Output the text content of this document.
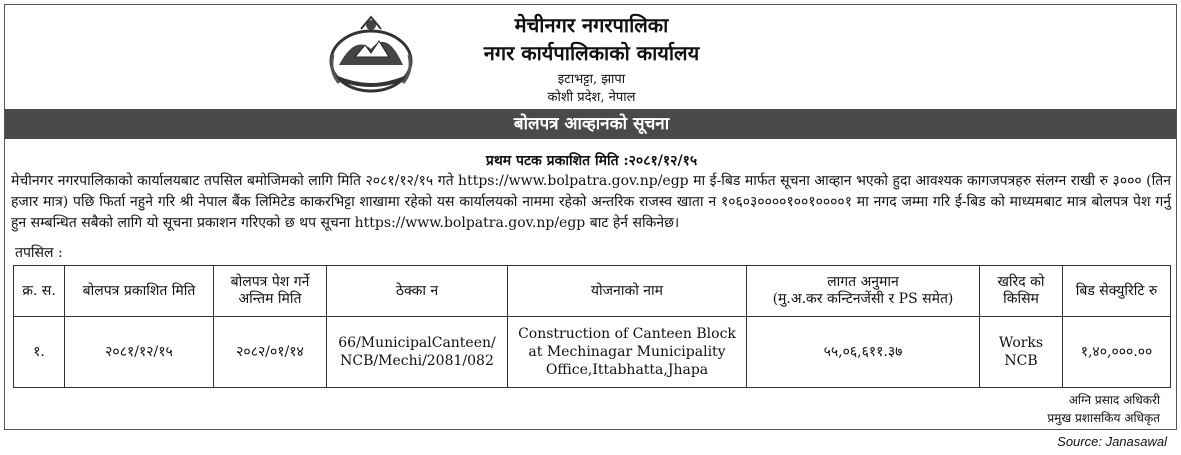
मेचीनगर नगरपालिका
नगर कार्यपालिकाको कार्यालय
इटाभट्टा, झापा
कोशी प्रदेश, नेपाल
बोलपत्र आव्हानको सूचना
प्रथम पटक प्रकाशित मिति :२०८१/१२/१५
मेचीनगर नगरपालिकाको कार्यालयबाट तपसिल बमोजिमको लागि मिति २०८१/१२/१५ गते https://www.bolpatra.gov.np/egp मा ई-बिड मार्फत सूचना आव्हान भएको हुदा आवश्यक कागजपत्रहरु संलग्न राखी रु ३००० (तिन हजार मात्र) पछि फिर्ता नहुने गरि श्री नेपाल बैंक लिमिटेड काकरभिट्टा शाखामा रहेको यस कार्यालयको नाममा रहेको अन्तरिक राजस्व खाता न १०६०३००००१००१००००१ मा नगद जम्मा गरि ई-बिड को माध्यमबाट मात्र बोलपत्र पेश गर्नु हुन सम्बन्धित सबैको लागि यो सूचना प्रकाशन गरिएको छ थप सूचना https://www.bolpatra.gov.np/egp बाट हेर्न सकिनेछ।
तपसिल :
क्र. स.	बोलपत्र प्रकाशित मिति	बोलपत्र पेश गर्ने
अन्तिम मिति	ठेक्का न	योजनाको नाम	लागत अनुमान
(मु.अ.कर कन्टिनजेंसी र PS समेत)	खरिद को
किसिम	बिड सेक्युरिटि रु
१.	२०८१/१२/१५	२०८२/०१/१४	66/MunicipalCanteen/
NCB/Mechi/2081/082	Construction of Canteen Block
at Mechinagar Municipality
Office,Ittabhatta,Jhapa	५५,०६,६११.३७	Works
NCB	१,४०,०००.००
अग्नि प्रसाद अधिकरी
प्रमुख प्रशासकिय अधिकृत

Source: Janasawal
